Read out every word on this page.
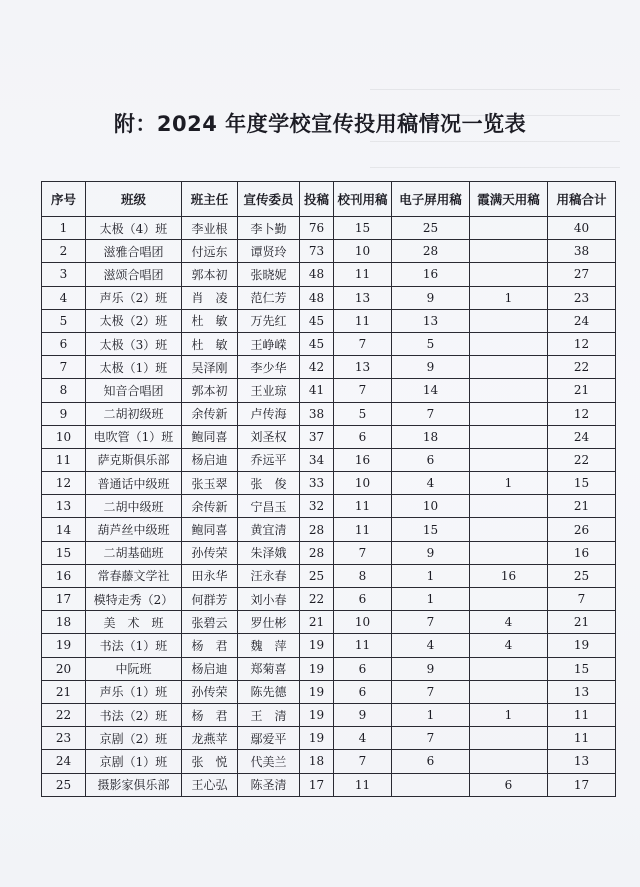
附：2024 年度学校宣传投用稿情况一览表
序号	班级	班主任	宣传委员	投稿	校刊用稿	电子屏用稿	霞满天用稿	用稿合计
1	太极（4）班	李业根	李卜勤	76	15	25		40
2	滋雅合唱团	付远东	谭贤玲	73	10	28		38
3	滋颂合唱团	郭本初	张晓妮	48	11	16		27
4	声乐（2）班	肖　凌	范仁芳	48	13	9	1	23
5	太极（2）班	杜　敏	万先红	45	11	13		24
6	太极（3）班	杜　敏	王峥嵘	45	7	5		12
7	太极（1）班	吴泽刚	李少华	42	13	9		22
8	知音合唱团	郭本初	王业琼	41	7	14		21
9	二胡初级班	余传新	卢传海	38	5	7		12
10	电吹管（1）班	鲍同喜	刘圣权	37	6	18		24
11	萨克斯俱乐部	杨启迪	乔远平	34	16	6		22
12	普通话中级班	张玉翠	张　俊	33	10	4	1	15
13	二胡中级班	余传新	宁昌玉	32	11	10		21
14	葫芦丝中级班	鲍同喜	黄宜清	28	11	15		26
15	二胡基础班	孙传荣	朱泽娥	28	7	9		16
16	常春藤文学社	田永华	汪永春	25	8	1	16	25
17	模特走秀（2）	何群芳	刘小春	22	6	1		7
18	美　术　班	张碧云	罗仕彬	21	10	7	4	21
19	书法（1）班	杨　君	魏　萍	19	11	4	4	19
20	中阮班	杨启迪	郑菊喜	19	6	9		15
21	声乐（1）班	孙传荣	陈先德	19	6	7		13
22	书法（2）班	杨　君	王　清	19	9	1	1	11
23	京剧（2）班	龙燕苹	鄢爱平	19	4	7		11
24	京剧（1）班	张　悦	代美兰	18	7	6		13
25	摄影家俱乐部	王心弘	陈圣清	17	11		6	17
